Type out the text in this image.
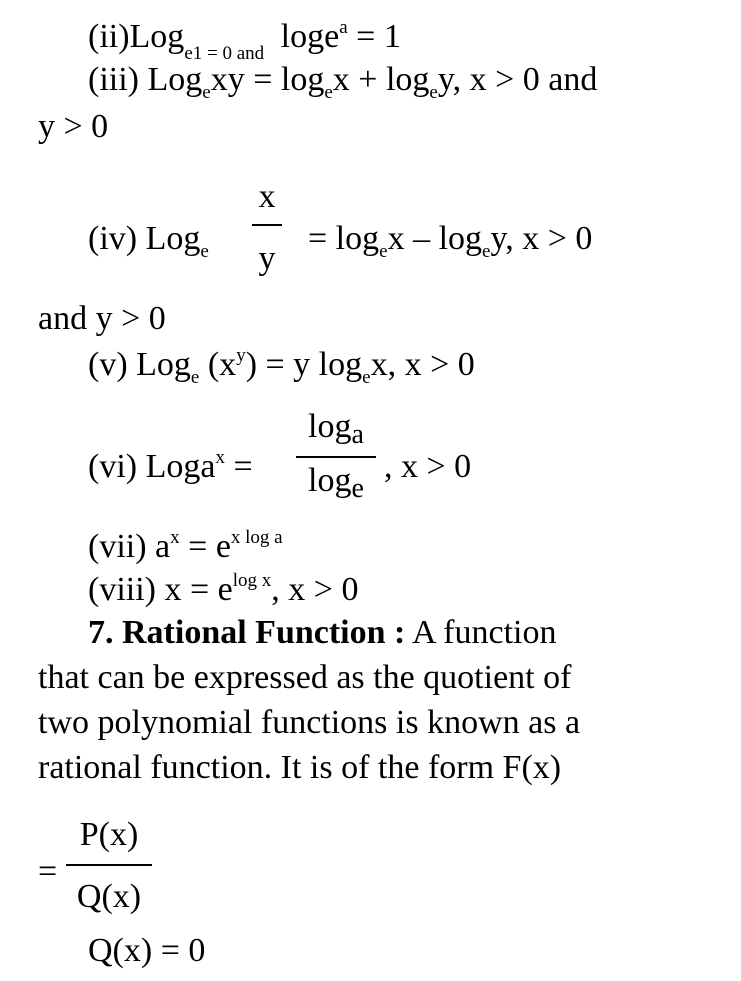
(ii)Log$_{e1 = 0 and}$ loge$^a$ = 1
(iii) $Log_exy = \log_ex + \log_ey$, x > 0 and
y > 0
x
y
(iv) Log$_e$	= $\log_ex - \log_ey$, x > 0
and y > 0
(v) Log$_e$ $(x^y) = y$ $\log_ex$, x > 0
loga
loge
(vi) Loga$^x$ =	, x > 0
(vii) $a^x = e^{x log a}$
(viii) $x = e^{log x}$, x > 0
7. Rational Function : A function
that can be expressed as the quotient of
two polynomial functions is known as a
rational function. It is of the form F(x)
=
P(x)
Q(x)
Q(x) = 0
